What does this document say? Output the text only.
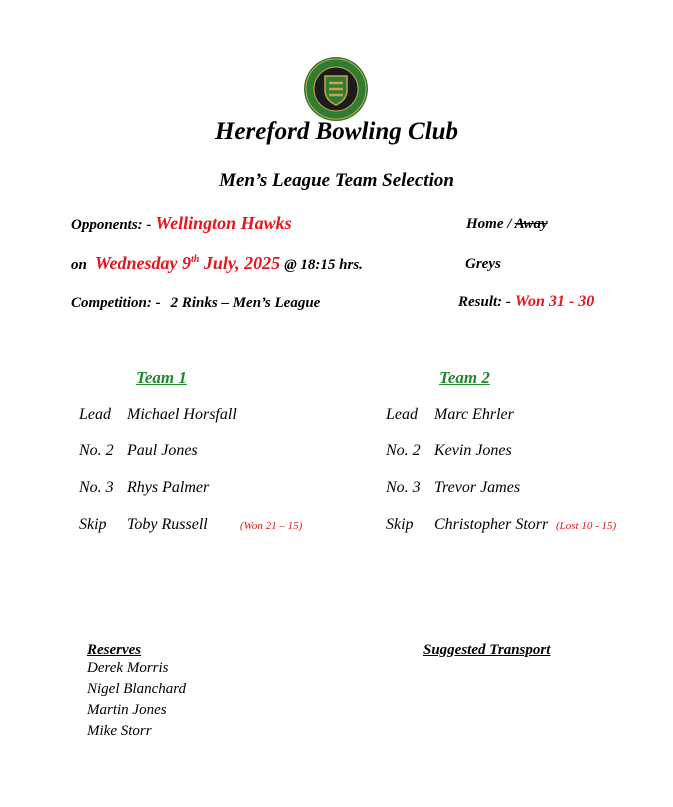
Hereford Bowling Club
Men’s League Team Selection
Opponents: - Wellington Hawks	Home / Away
on Wednesday 9th July, 2025 @ 18:15 hrs.	Greys
Competition: - 2 Rinks – Men’s League	Result: - Won 31 - 30
Team 1
Lead Michael Horsfall
No. 2 Paul Jones
No. 3 Rhys Palmer
Skip Toby Russell	(Won 21 – 15)
Team 2
Lead Marc Ehrler
No. 2 Kevin Jones
No. 3 Trevor James
Skip Christopher Storr (Lost 10 - 15)
Reserves
Derek Morris
Nigel Blanchard
Martin Jones
Mike Storr
Suggested Transport
